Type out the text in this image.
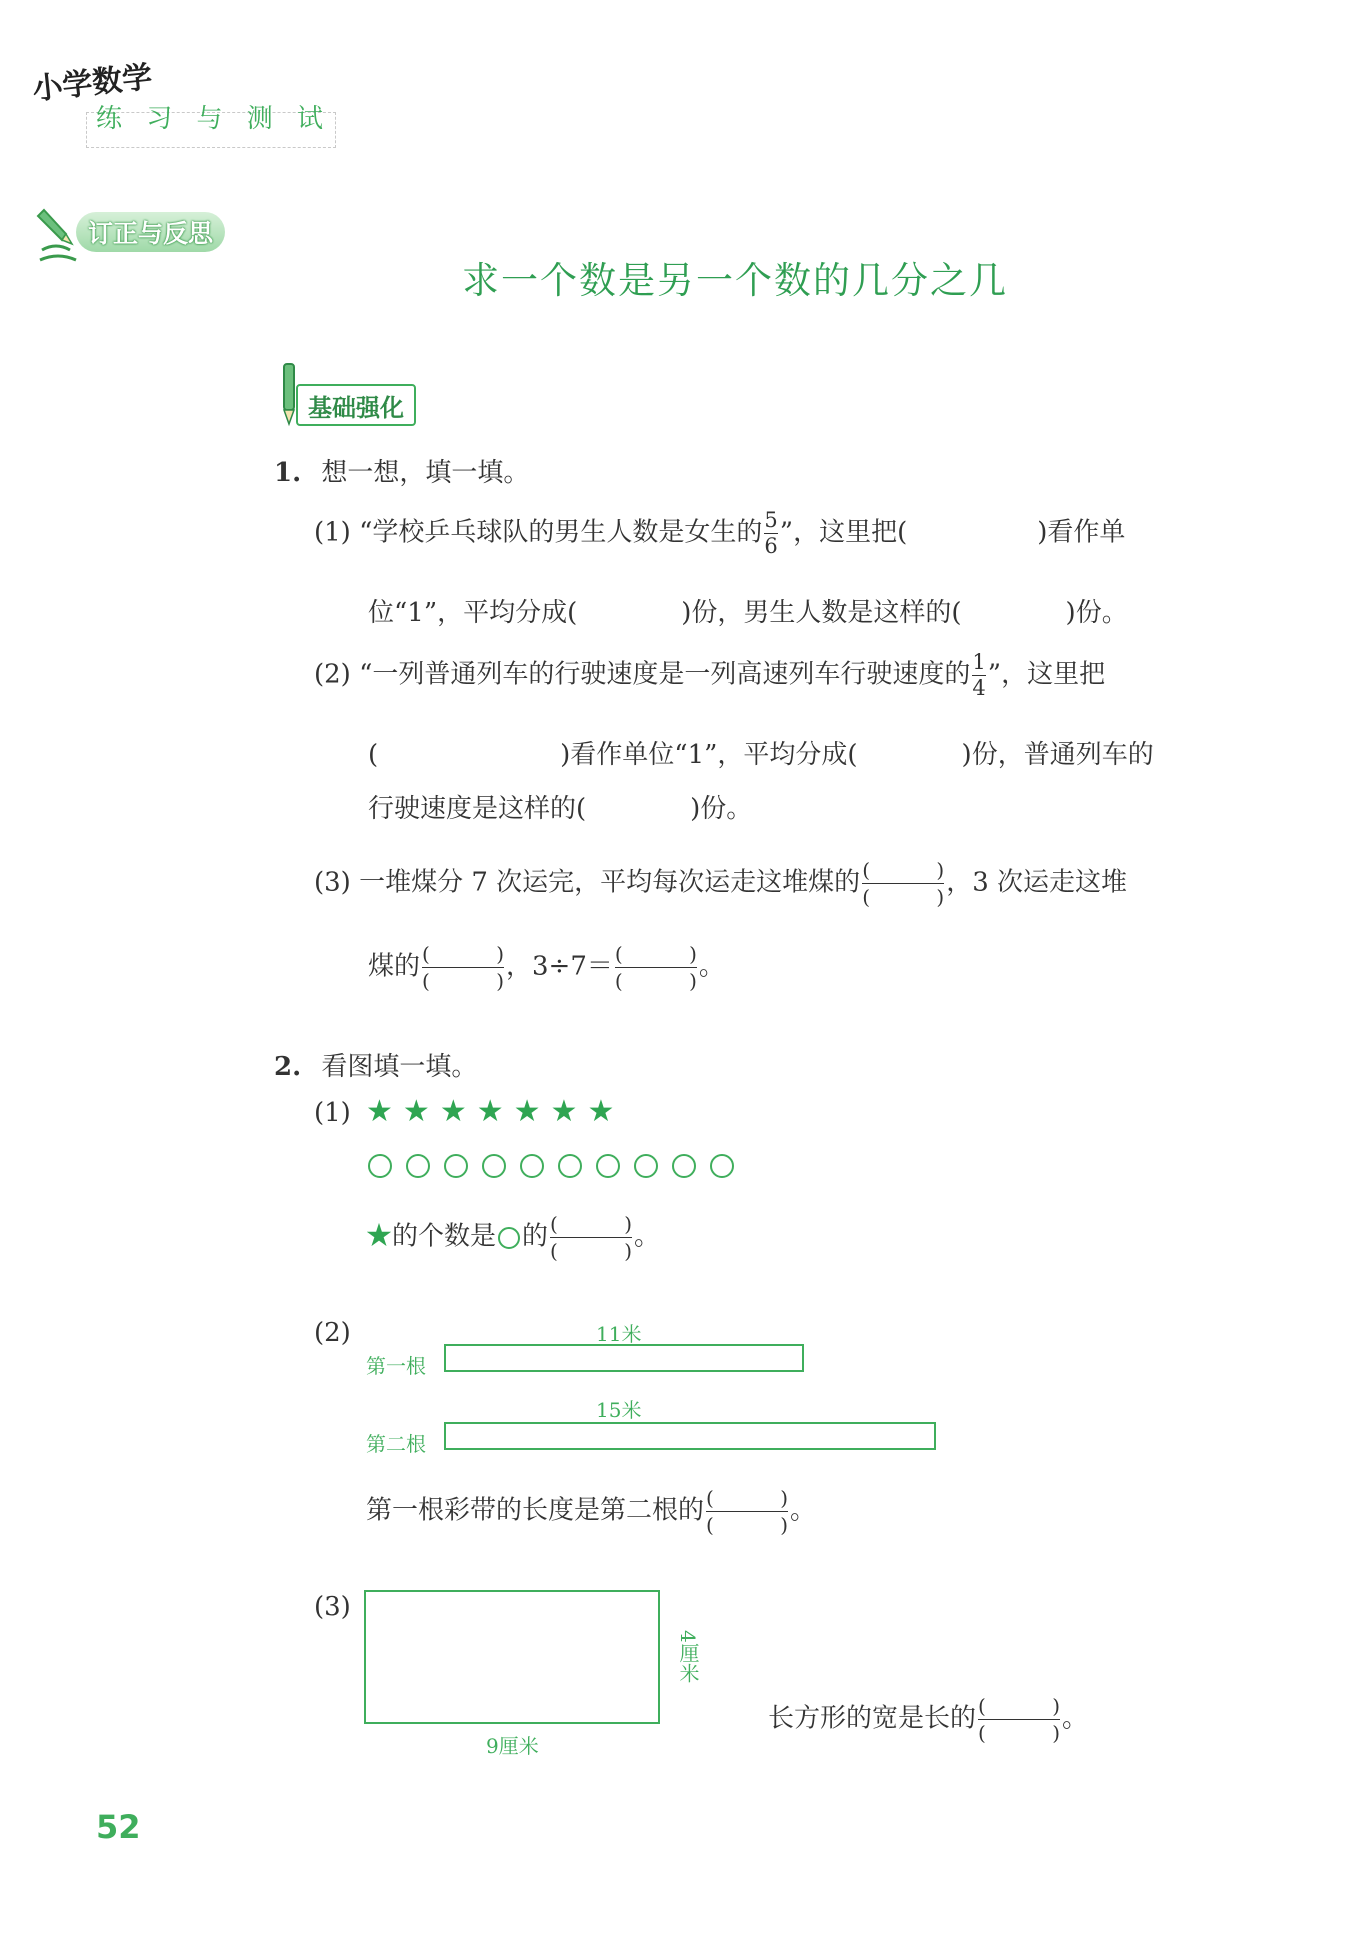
小学数学
练 习 与 测 试
订正与反思
求一个数是另一个数的几分之几
基础强化
1. 想一想，填一填。
(1) “学校乒乓球队的男生人数是女生的 $\frac{5}{6}$ ”，这里把(　　　　　)看作单
位“1”，平均分成(　　　　)份，男生人数是这样的(　　　　)份。
(2) “一列普通列车的行驶速度是一列高速列车行驶速度的 $\frac{1}{4}$ ”，这里把
(　　　　　　　)看作单位“1”，平均分成(　　　　)份，普通列车的
行驶速度是这样的(　　　　)份。
(3) 一堆煤分 7 次运完，平均每次运走这堆煤的 (	)
(	) ，3 次运走这堆
煤的 (	)
(	) ，3÷7＝ (	)
(	) 。
2. 看图填一填。
(1) ★ ★ ★ ★ ★ ★ ★
★的个数是 的 (	)
(	) 。
(2)	11米
第一根
15米
第二根
第一根彩带的长度是第二根的 (	)
(	) 。
(3)
4厘米
9厘米
长方形的宽是长的 (	)
(	) 。
52
